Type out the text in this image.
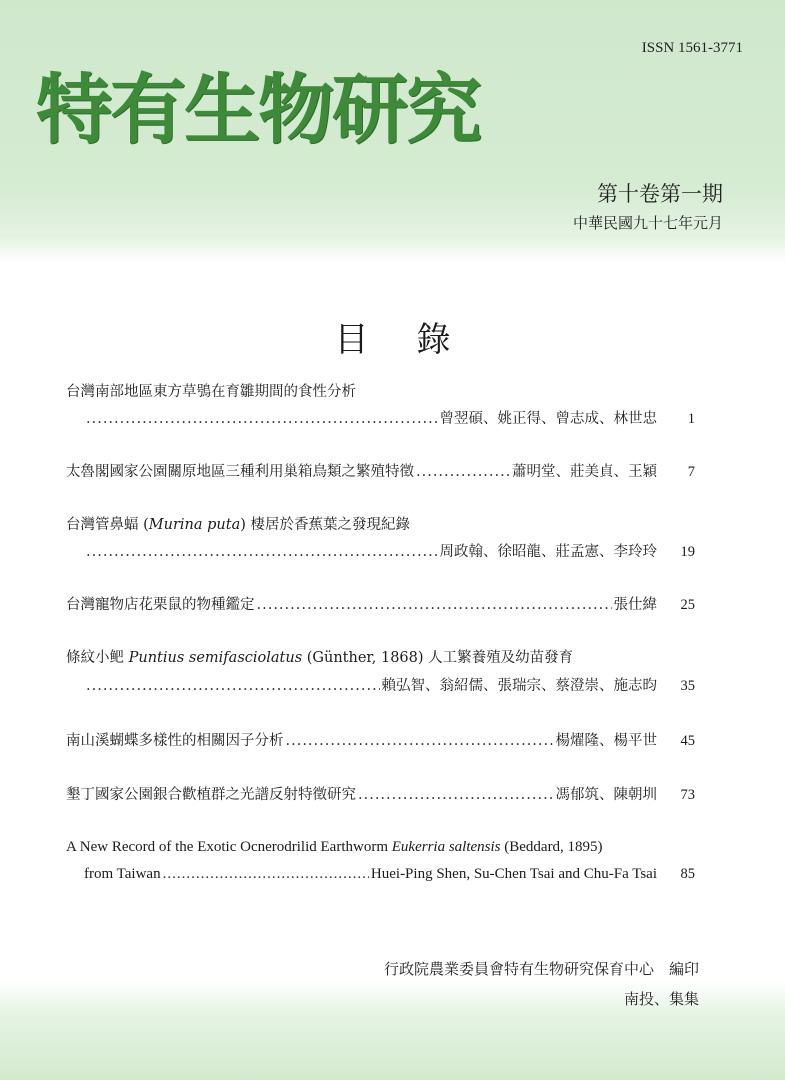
ISSN 1561-3771
特有生物研究
第十卷第一期
中華民國九十七年元月
目錄
台灣南部地區東方草鴞在育雛期間的食性分析
.....
曾翌碩、姚正得、曾志成、林世忠	1
太魯閣國家公園關原地區三種利用巢箱鳥類之繁殖特徵 .....	蕭明堂、莊美貞、王穎	7
台灣管鼻蝠 (Murina puta) 棲居於香蕉葉之發現紀錄
.....
周政翰、徐昭龍、莊孟憲、李玲玲	19
台灣寵物店花栗鼠的物種鑑定 .....	張仕緯	25
條紋小鲃 Puntius semifasciolatus (Günther, 1868) 人工繁養殖及幼苗發育
.....
賴弘智、翁紹儒、張瑞宗、蔡澄崇、施志昀	35
南山溪蝴蝶多樣性的相關因子分析 .....	楊燿隆、楊平世	45
墾丁國家公園銀合歡植群之光譜反射特徵研究 .....	馮郁筑、陳朝圳	73
A New Record of the Exotic Ocnerodrilid Earthworm Eukerria saltensis (Beddard, 1895)
from Taiwan .....	Huei-Ping Shen, Su-Chen Tsai and Chu-Fa Tsai	85
行政院農業委員會特有生物研究保育中心　編印
南投、集集
